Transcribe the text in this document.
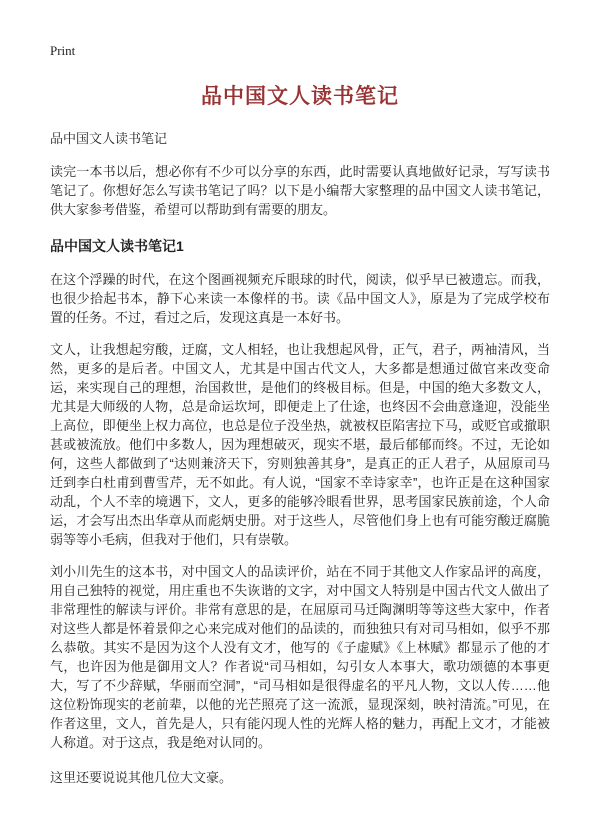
Print
品中国文人读书笔记
品中国文人读书笔记

读完一本书以后，想必你有不少可以分享的东西，此时需要认真地做好记录，写写读书笔记了。你想好怎么写读书笔记了吗？以下是小编帮大家整理的品中国文人读书笔记，供大家参考借鉴，希望可以帮助到有需要的朋友。

品中国文人读书笔记1

在这个浮躁的时代，在这个图画视频充斥眼球的时代，阅读，似乎早已被遗忘。而我，也很少拾起书本，静下心来读一本像样的书。读《品中国文人》，原是为了完成学校布置的任务。不过，看过之后，发现这真是一本好书。

文人，让我想起穷酸，迂腐，文人相轻，也让我想起风骨，正气，君子，两袖清风，当然，更多的是后者。中国文人，尤其是中国古代文人，大多都是想通过做官来改变命运，来实现自己的理想，治国救世，是他们的终极目标。但是，中国的绝大多数文人，尤其是大师级的人物，总是命运坎坷，即便走上了仕途，也终因不会曲意逢迎，没能坐上高位，即便坐上权力高位，也总是位子没坐热，就被权臣陷害拉下马，或贬官或撤职甚或被流放。他们中多数人，因为理想破灭，现实不堪，最后郁郁而终。不过，无论如何，这些人都做到了“达则兼济天下，穷则独善其身”，是真正的正人君子，从屈原司马迁到李白杜甫到曹雪芹，无不如此。有人说，“国家不幸诗家幸”，也许正是在这种国家动乱，个人不幸的境遇下，文人，更多的能够冷眼看世界，思考国家民族前途，个人命运，才会写出杰出华章从而彪炳史册。对于这些人，尽管他们身上也有可能穷酸迂腐脆弱等等小毛病，但我对于他们，只有崇敬。

刘小川先生的这本书，对中国文人的品读评价，站在不同于其他文人作家品评的高度，用自己独特的视觉，用庄重也不失诙谐的文字，对中国文人特别是中国古代文人做出了非常理性的解读与评价。非常有意思的是，在屈原司马迁陶渊明等等这些大家中，作者对这些人都是怀着景仰之心来完成对他们的品读的，而独独只有对司马相如，似乎不那么恭敬。其实不是因为这个人没有文才，他写的《子虚赋》《上林赋》都显示了他的才气，也许因为他是御用文人？作者说“司马相如，勾引女人本事大，歌功颂德的本事更大，写了不少辞赋，华丽而空洞”，“司马相如是很得虚名的平凡人物，文以人传……他这位粉饰现实的老前辈，以他的光芒照亮了这一流派，显现深刻，映衬清流。”可见，在作者这里，文人，首先是人，只有能闪现人性的光辉人格的魅力，再配上文才，才能被人称道。对于这点，我是绝对认同的。

这里还要说说其他几位大文豪。
